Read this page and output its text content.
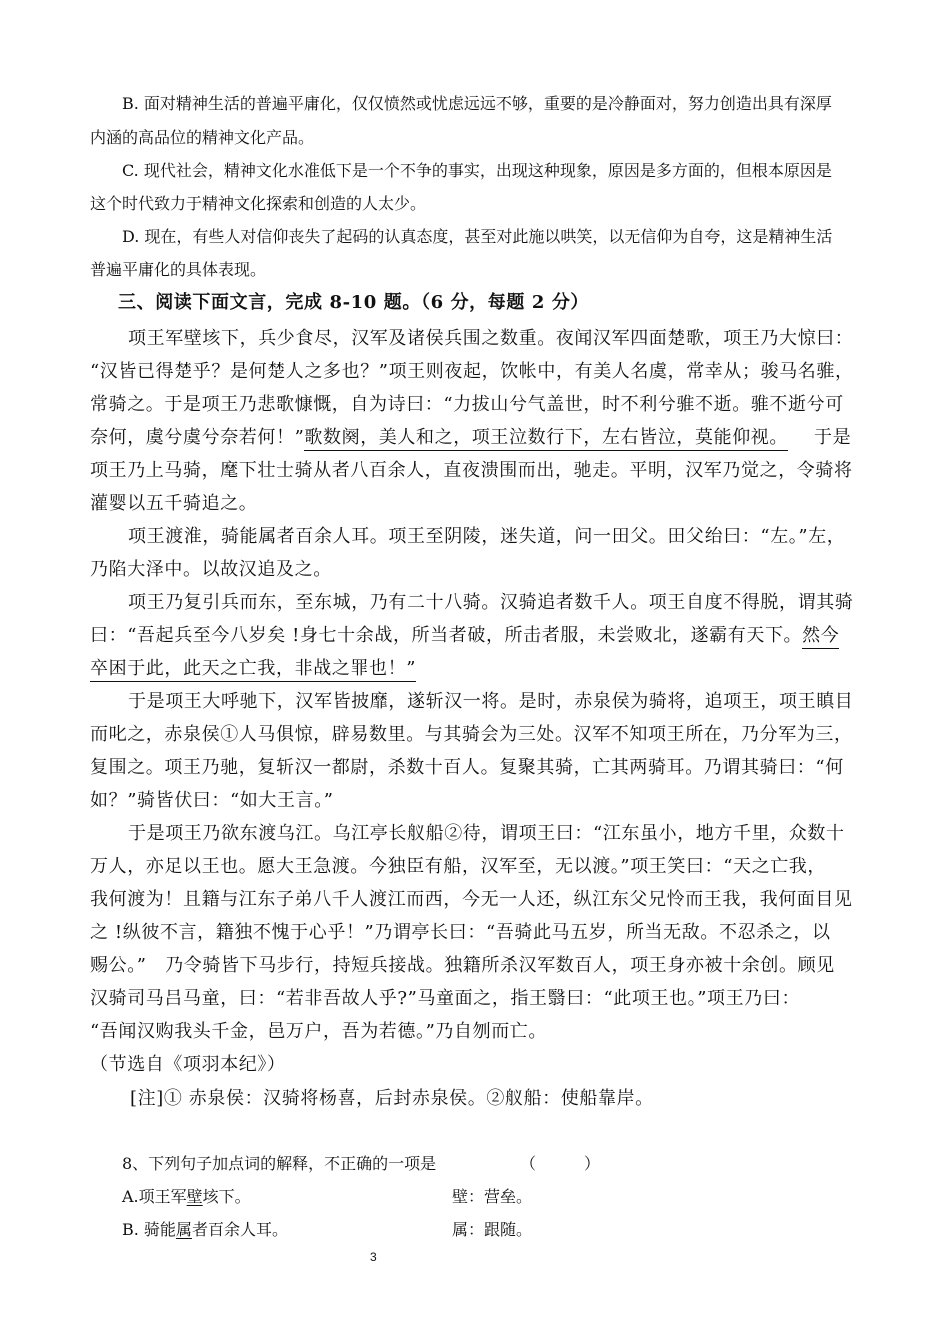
B. 面对精神生活的普遍平庸化，仅仅愤然或忧虑远远不够，重要的是冷静面对，努力创造出具有深厚
内涵的高品位的精神文化产品。
C. 现代社会，精神文化水准低下是一个不争的事实，出现这种现象，原因是多方面的，但根本原因是
这个时代致力于精神文化探索和创造的人太少。
D. 现在，有些人对信仰丧失了起码的认真态度，甚至对此施以哄笑，以无信仰为自夸，这是精神生活
普遍平庸化的具体表现。
三、阅读下面文言，完成 8-10 题。（6 分，每题 2 分）
项王军壁垓下，兵少食尽，汉军及诸侯兵围之数重。夜闻汉军四面楚歌，项王乃大惊曰：
“汉皆已得楚乎？是何楚人之多也？”项王则夜起，饮帐中，有美人名虞，常幸从；骏马名骓，
常骑之。于是项王乃悲歌慷慨，自为诗曰：“力拔山兮气盖世，时不利兮骓不逝。骓不逝兮可
奈何，虞兮虞兮奈若何！”歌数阕，美人和之，项王泣数行下，左右皆泣，莫能仰视。 于是
项王乃上马骑，麾下壮士骑从者八百余人，直夜溃围而出，驰走。平明，汉军乃觉之，令骑将
灌婴以五千骑追之。
项王渡淮，骑能属者百余人耳。项王至阴陵，迷失道，问一田父。田父绐曰：“左。”左，
乃陷大泽中。以故汉追及之。
项王乃复引兵而东，至东城，乃有二十八骑。汉骑追者数千人。项王自度不得脱，谓其骑
曰：“吾起兵至今八岁矣 !身七十余战，所当者破，所击者服，未尝败北，遂霸有天下。然今
卒困于此，此天之亡我，非战之罪也！”
于是项王大呼驰下，汉军皆披靡，遂斩汉一将。是时，赤泉侯为骑将，追项王，项王瞋目
而叱之，赤泉侯①人马俱惊，辟易数里。与其骑会为三处。汉军不知项王所在，乃分军为三，
复围之。项王乃驰，复斩汉一都尉，杀数十百人。复聚其骑，亡其两骑耳。乃谓其骑曰：“何
如？”骑皆伏曰：“如大王言。”
于是项王乃欲东渡乌江。乌江亭长舣船②待，谓项王曰：“江东虽小，地方千里，众数十
万人，亦足以王也。愿大王急渡。今独臣有船，汉军至，无以渡。”项王笑曰：“天之亡我，
我何渡为！且籍与江东子弟八千人渡江而西，今无一人还，纵江东父兄怜而王我，我何面目见
之 !纵彼不言，籍独不愧于心乎！”乃谓亭长曰：“吾骑此马五岁，所当无敌。不忍杀之，以
赐公。”　乃令骑皆下马步行，持短兵接战。独籍所杀汉军数百人，项王身亦被十余创。顾见
汉骑司马吕马童，曰：“若非吾故人乎?”马童面之，指王翳曰：“此项王也。”项王乃曰：
“吾闻汉购我头千金，邑万户，吾为若德。”乃自刎而亡。
（节选自《项羽本纪》）
[注]① 赤泉侯：汉骑将杨喜，后封赤泉侯。②舣船：使船靠岸。
8、下列句子加点词的解释，不正确的一项是	（　　　）
A.项王军壁垓下。	壁：营垒。
B. 骑能属者百余人耳。	属：跟随。
3
